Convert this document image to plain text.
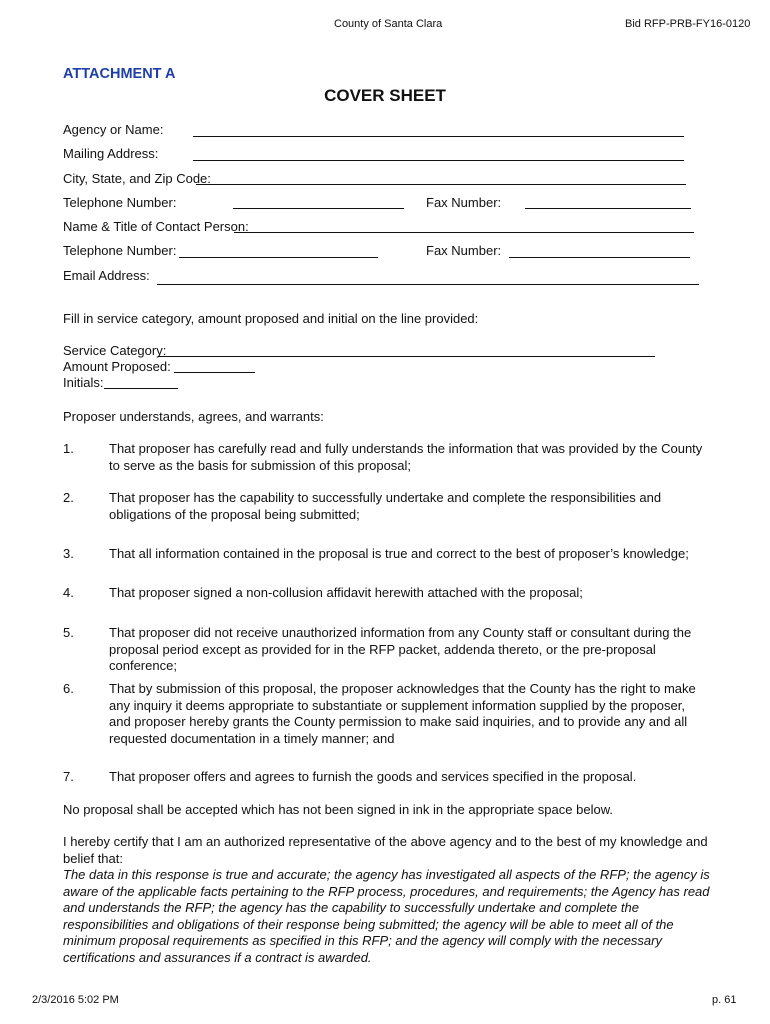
County of Santa Clara	Bid RFP-PRB-FY16-0120
ATTACHMENT A
COVER SHEET
Agency or Name:
Mailing Address:
City, State, and Zip Code:
Telephone Number:	Fax Number:
Name & Title of Contact Person:
Telephone Number:	Fax Number:
Email Address:
Fill in service category, amount proposed and initial on the line provided:
Service Category:
Amount Proposed:
Initials:
Proposer understands, agrees, and warrants:
1.	That proposer has carefully read and fully understands the information that was provided by the County to serve as the basis for submission of this proposal;
2.	That proposer has the capability to successfully undertake and complete the responsibilities and obligations of the proposal being submitted;
3.	That all information contained in the proposal is true and correct to the best of proposer’s knowledge;
4.	That proposer signed a non-collusion affidavit herewith attached with the proposal;
5.	That proposer did not receive unauthorized information from any County staff or consultant during the proposal period except as provided for in the RFP packet, addenda thereto, or the pre-proposal conference;
6.	That by submission of this proposal, the proposer acknowledges that the County has the right to make any inquiry it deems appropriate to substantiate or supplement information supplied by the proposer, and proposer hereby grants the County permission to make said inquiries, and to provide any and all requested documentation in a timely manner; and
7.	That proposer offers and agrees to furnish the goods and services specified in the proposal.
No proposal shall be accepted which has not been signed in ink in the appropriate space below.
I hereby certify that I am an authorized representative of the above agency and to the best of my knowledge and belief that:
The data in this response is true and accurate; the agency has investigated all aspects of the RFP; the agency is aware of the applicable facts pertaining to the RFP process, procedures, and requirements; the Agency has read and understands the RFP; the agency has the capability to successfully undertake and complete the responsibilities and obligations of their response being submitted; the agency will be able to meet all of the minimum proposal requirements as specified in this RFP; and the agency will comply with the necessary certifications and assurances if a contract is awarded.
2/3/2016 5:02 PM	p. 61
